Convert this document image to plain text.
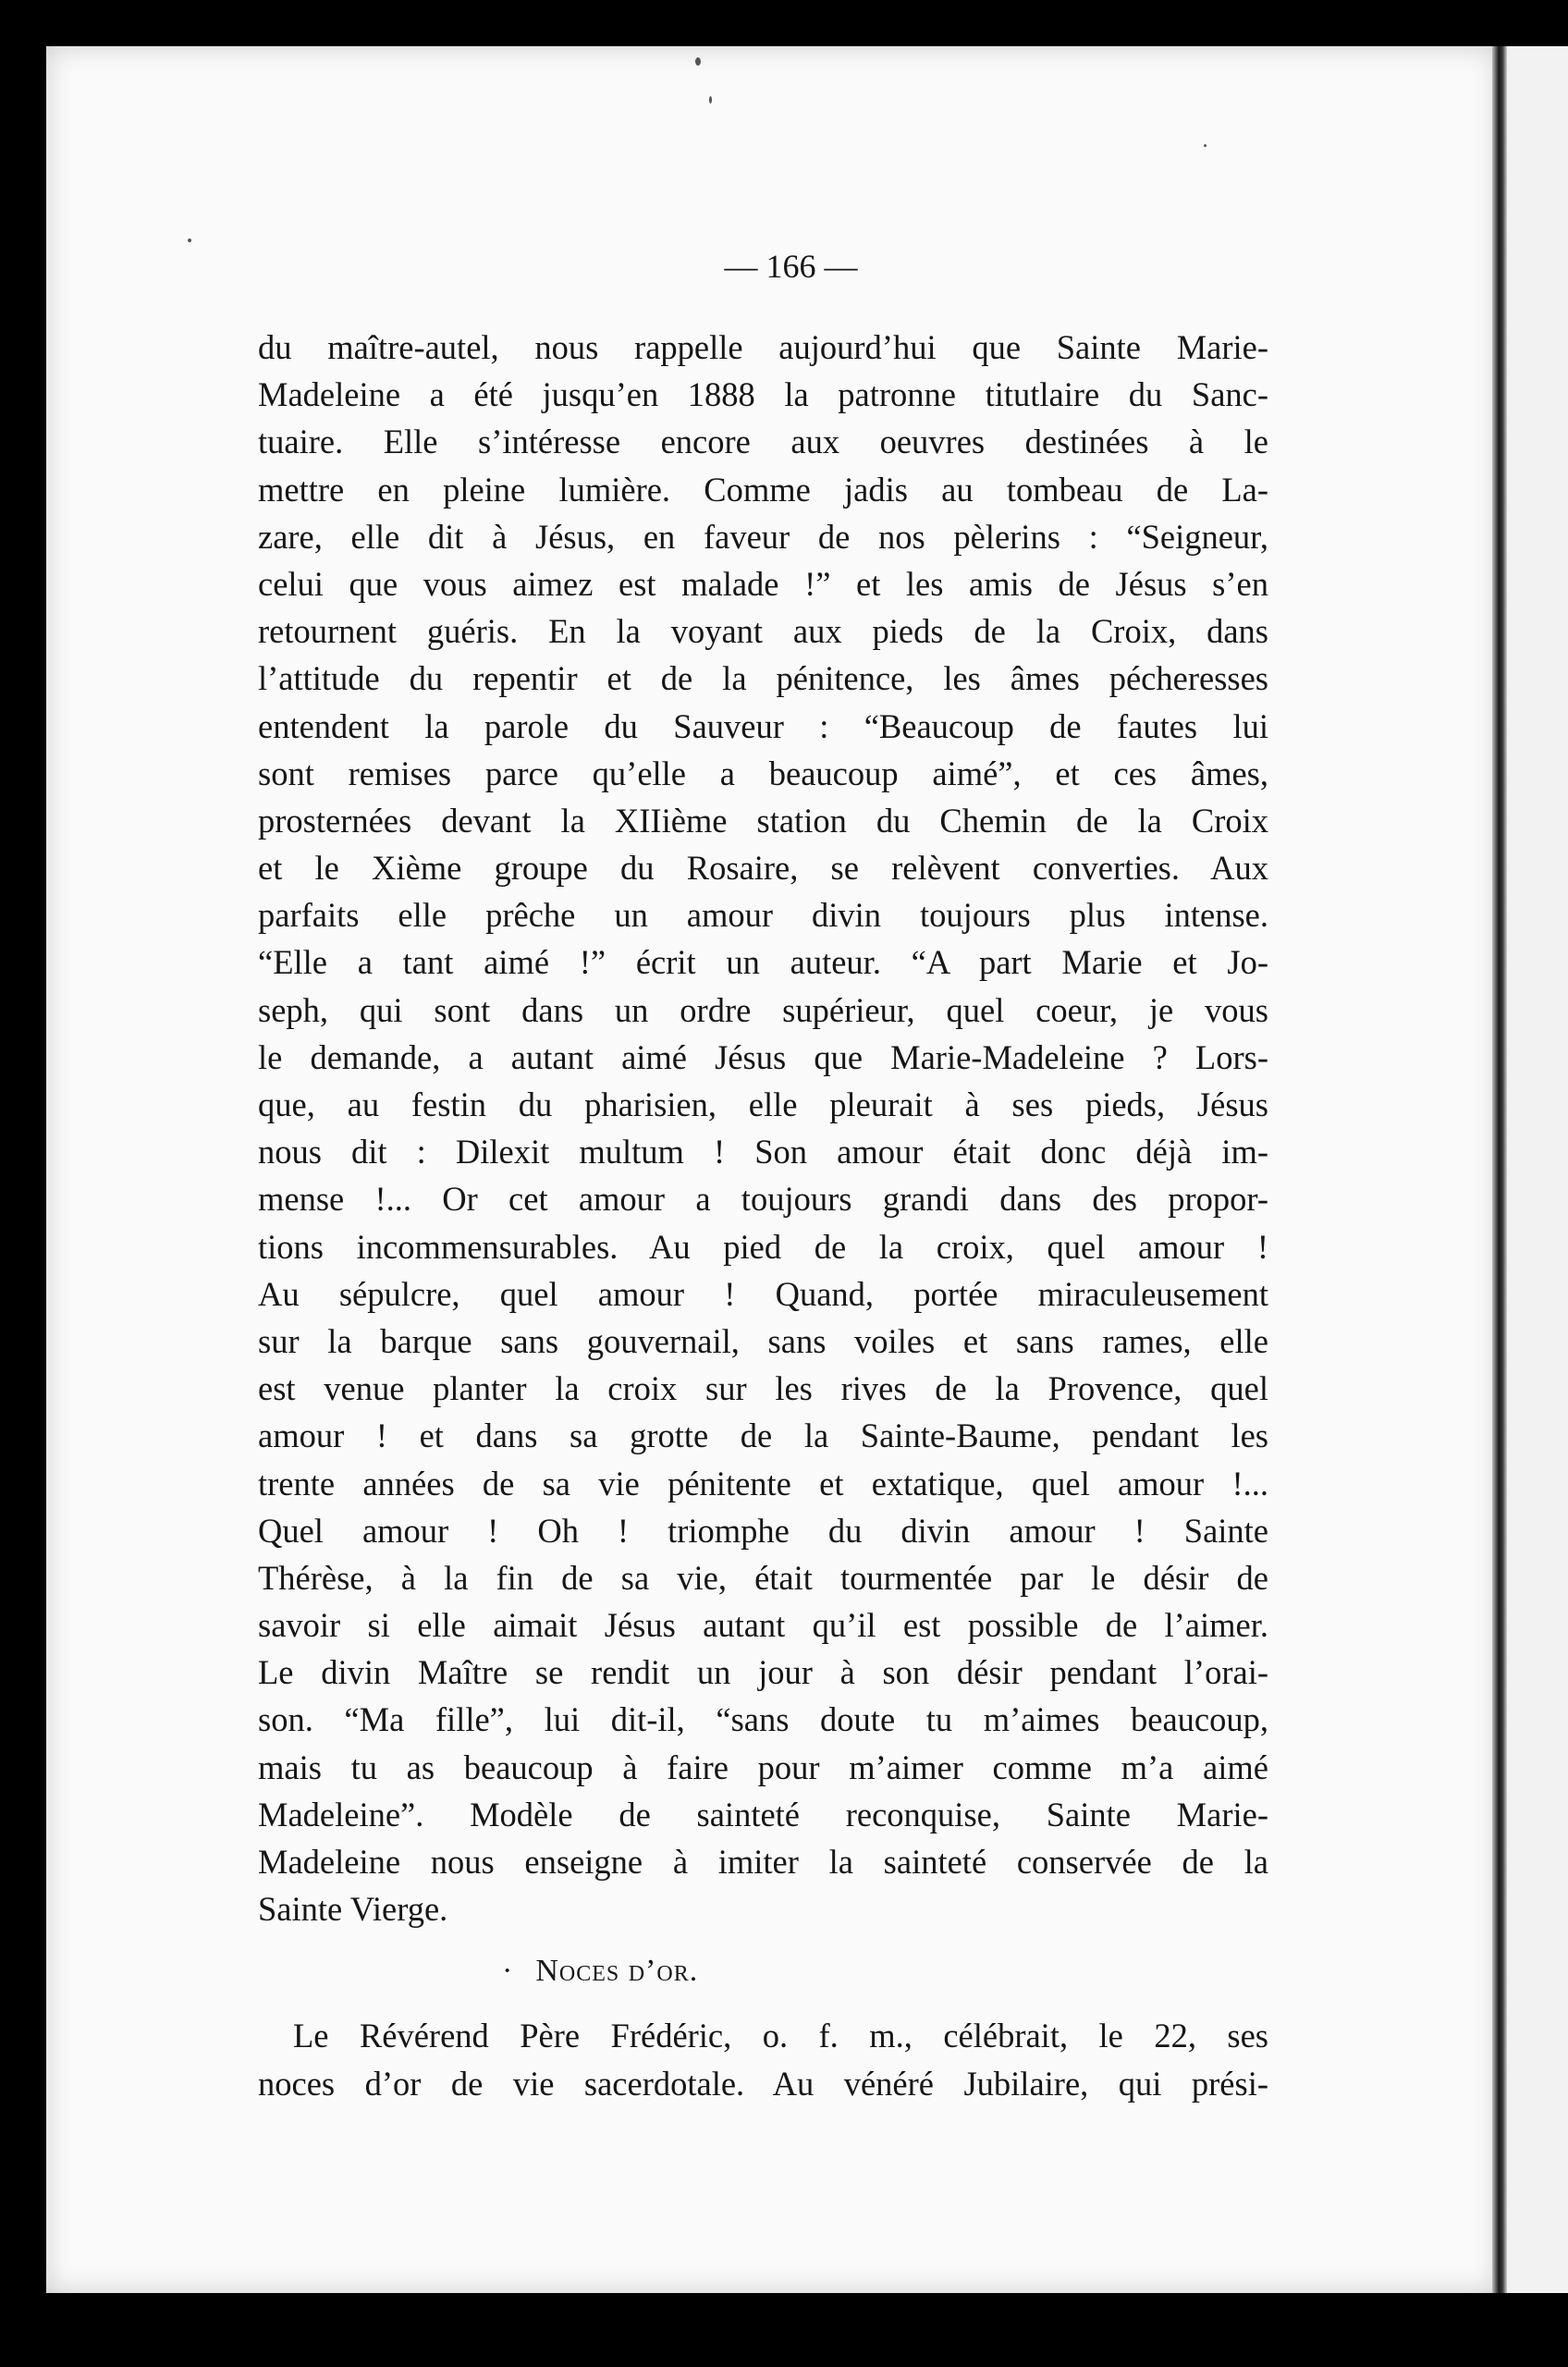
— 166 —
du maître-autel, nous rappelle aujourd’hui que Sainte Marie-
Madeleine a été jusqu’en 1888 la patronne titutlaire du Sanc-
tuaire. Elle s’intéresse encore aux oeuvres destinées à le
mettre en pleine lumière. Comme jadis au tombeau de La-
zare, elle dit à Jésus, en faveur de nos pèlerins : “Seigneur,
celui que vous aimez est malade !” et les amis de Jésus s’en
retournent guéris. En la voyant aux pieds de la Croix, dans
l’attitude du repentir et de la pénitence, les âmes pécheresses
entendent la parole du Sauveur : “Beaucoup de fautes lui
sont remises parce qu’elle a beaucoup aimé”, et ces âmes,
prosternées devant la XIIième station du Chemin de la Croix
et le Xième groupe du Rosaire, se relèvent converties. Aux
parfaits elle prêche un amour divin toujours plus intense.
“Elle a tant aimé !” écrit un auteur. “A part Marie et Jo-
seph, qui sont dans un ordre supérieur, quel coeur, je vous
le demande, a autant aimé Jésus que Marie-Madeleine ? Lors-
que, au festin du pharisien, elle pleurait à ses pieds, Jésus
nous dit : Dilexit multum ! Son amour était donc déjà im-
mense !... Or cet amour a toujours grandi dans des propor-
tions incommensurables. Au pied de la croix, quel amour !
Au sépulcre, quel amour ! Quand, portée miraculeusement
sur la barque sans gouvernail, sans voiles et sans rames, elle
est venue planter la croix sur les rives de la Provence, quel
amour ! et dans sa grotte de la Sainte-Baume, pendant les
trente années de sa vie pénitente et extatique, quel amour !...
Quel amour ! Oh ! triomphe du divin amour ! Sainte
Thérèse, à la fin de sa vie, était tourmentée par le désir de
savoir si elle aimait Jésus autant qu’il est possible de l’aimer.
Le divin Maître se rendit un jour à son désir pendant l’orai-
son. “Ma fille”, lui dit-il, “sans doute tu m’aimes beaucoup,
mais tu as beaucoup à faire pour m’aimer comme m’a aimé
Madeleine”. Modèle de sainteté reconquise, Sainte Marie-
Madeleine nous enseigne à imiter la sainteté conservée de la
Sainte Vierge.
· Noces d’or.
Le Révérend Père Frédéric, o. f. m., célébrait, le 22, ses
noces d’or de vie sacerdotale. Au vénéré Jubilaire, qui prési-
